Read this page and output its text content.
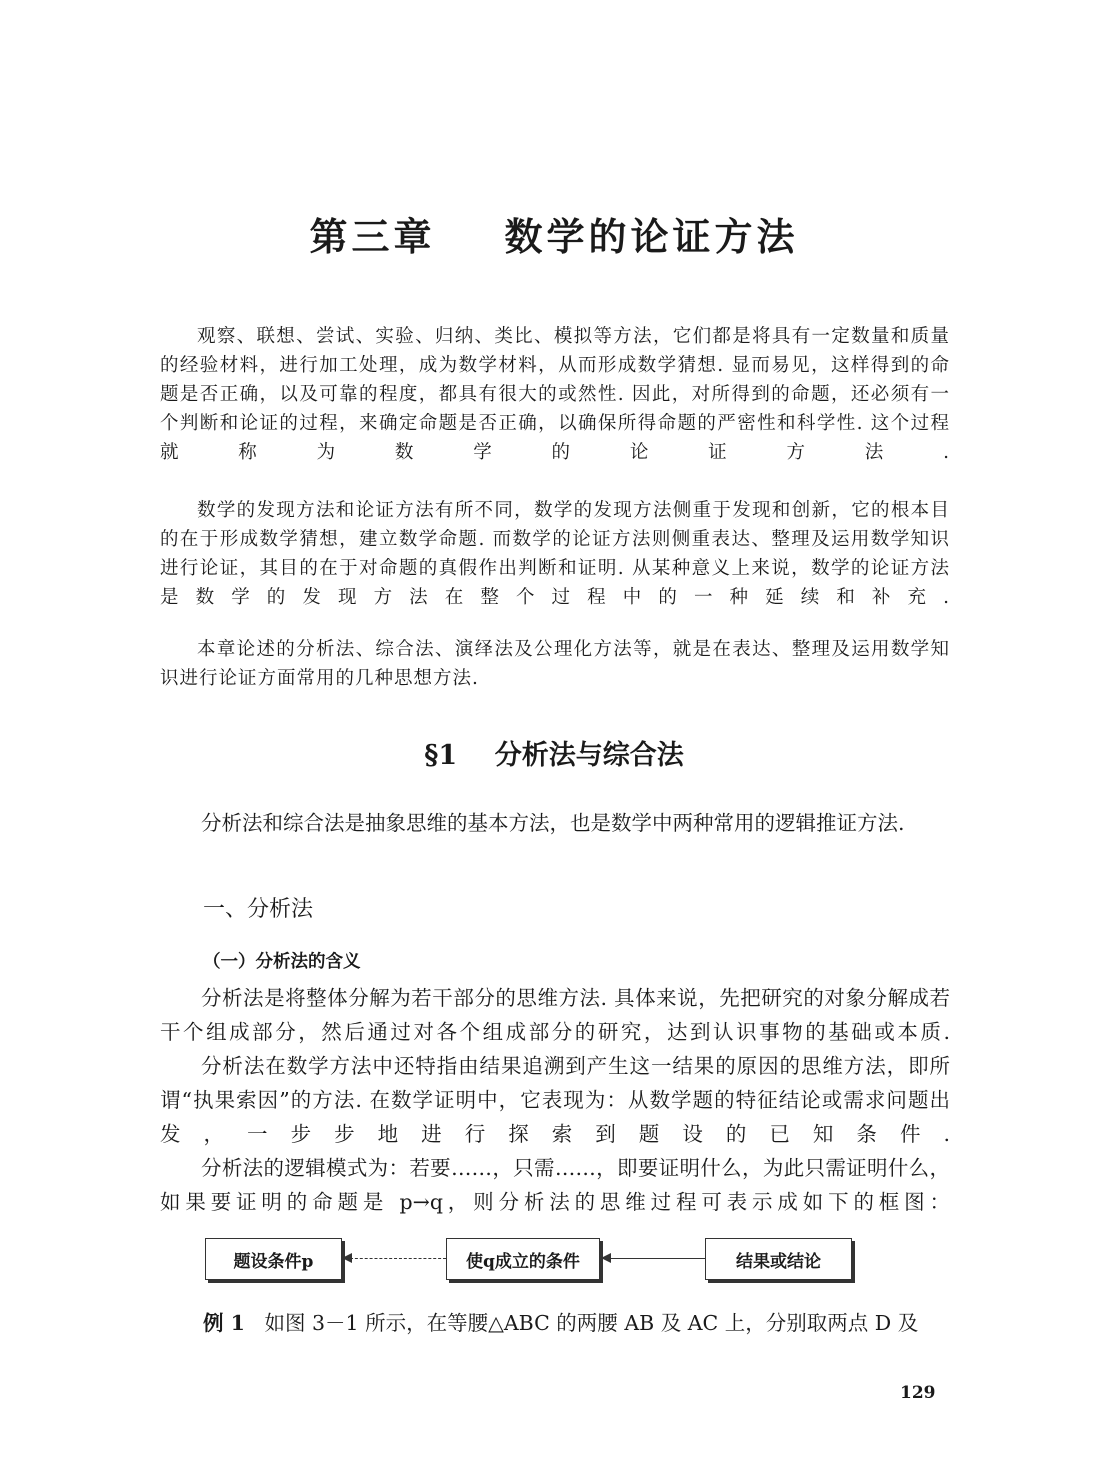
第三章    数学的论证方法

观察、联想、尝试、实验、归纳、类比、模拟等方法，它们都是将具有一定数量和质量的经验材料，进行加工处理，成为数学材料，从而形成数学猜想. 显而易见，这样得到的命题是否正确，以及可靠的程度，都具有很大的或然性. 因此，对所得到的命题，还必须有一个判断和论证的过程，来确定命题是否正确，以确保所得命题的严密性和科学性. 这个过程就称为数学的论证方法.

数学的发现方法和论证方法有所不同，数学的发现方法侧重于发现和创新，它的根本目的在于形成数学猜想，建立数学命题. 而数学的论证方法则侧重表达、整理及运用数学知识进行论证，其目的在于对命题的真假作出判断和证明. 从某种意义上来说，数学的论证方法是数学的发现方法在整个过程中的一种延续和补充.

本章论述的分析法、综合法、演绎法及公理化方法等，就是在表达、整理及运用数学知识进行论证方面常用的几种思想方法.

§1    分析法与综合法

分析法和综合法是抽象思维的基本方法，也是数学中两种常用的逻辑推证方法.

一、分析法
（一）分析法的含义

分析法是将整体分解为若干部分的思维方法. 具体来说，先把研究的对象分解成若干个组成部分，然后通过对各个组成部分的研究，达到认识事物的基础或本质.

分析法在数学方法中还特指由结果追溯到产生这一结果的原因的思维方法，即所谓“执果索因”的方法. 在数学证明中，它表现为：从数学题的特征结论或需求问题出发，一步步地进行探索到题设的已知条件.

分析法的逻辑模式为：若要……，只需……，即要证明什么，为此只需证明什么，如果要证明的命题是 p→q，则分析法的思维过程可表示成如下的框图：

题设条件p	使q成立的条件	结果或结论
例 1 如图 3－1 所示，在等腰△ABC 的两腰 AB 及 AC 上，分别取两点 D 及
129
